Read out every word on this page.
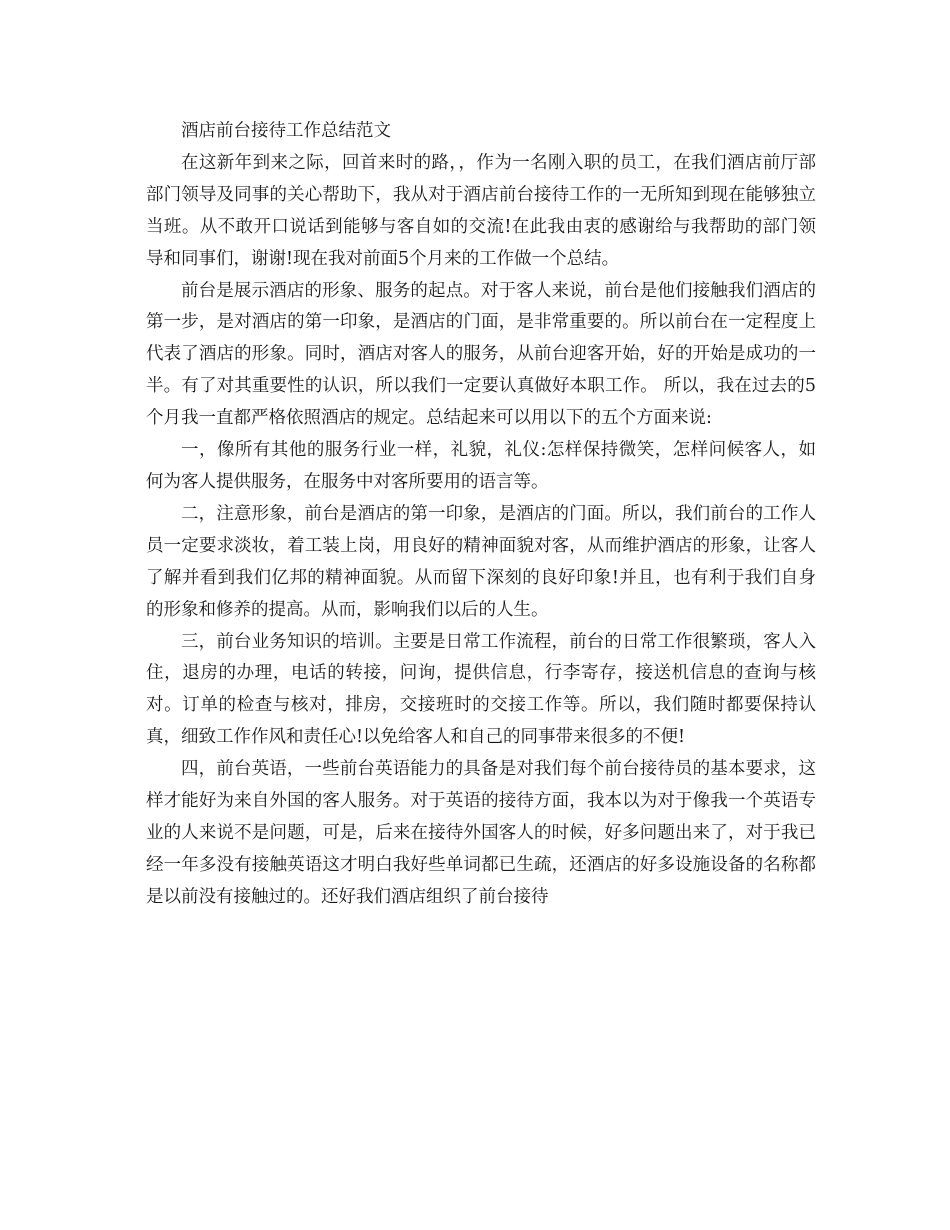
酒店前台接待工作总结范文

在这新年到来之际，回首来时的路，，作为一名刚入职的员工，在我们酒店前厅部部门领导及同事的关心帮助下，我从对于酒店前台接待工作的一无所知到现在能够独立当班。从不敢开口说话到能够与客自如的交流!在此我由衷的感谢给与我帮助的部门领导和同事们，谢谢!现在我对前面5个月来的工作做一个总结。

前台是展示酒店的形象、服务的起点。对于客人来说，前台是他们接触我们酒店的第一步，是对酒店的第一印象，是酒店的门面，是非常重要的。所以前台在一定程度上代表了酒店的形象。同时，酒店对客人的服务，从前台迎客开始，好的开始是成功的一半。有了对其重要性的认识，所以我们一定要认真做好本职工作。 所以，我在过去的5个月我一直都严格依照酒店的规定。总结起来可以用以下的五个方面来说:

一，像所有其他的服务行业一样，礼貌，礼仪:怎样保持微笑，怎样问候客人，如何为客人提供服务，在服务中对客所要用的语言等。

二，注意形象，前台是酒店的第一印象，是酒店的门面。所以，我们前台的工作人员一定要求淡妆，着工装上岗，用良好的精神面貌对客，从而维护酒店的形象，让客人了解并看到我们亿邦的精神面貌。从而留下深刻的良好印象!并且，也有利于我们自身的形象和修养的提高。从而，影响我们以后的人生。

三，前台业务知识的培训。主要是日常工作流程，前台的日常工作很繁琐，客人入住，退房的办理，电话的转接，问询，提供信息，行李寄存，接送机信息的查询与核对。订单的检查与核对，排房，交接班时的交接工作等。所以，我们随时都要保持认真，细致工作作风和责任心!以免给客人和自己的同事带来很多的不便!

四，前台英语，一些前台英语能力的具备是对我们每个前台接待员的基本要求，这样才能好为来自外国的客人服务。对于英语的接待方面，我本以为对于像我一个英语专业的人来说不是问题，可是，后来在接待外国客人的时候，好多问题出来了，对于我已经一年多没有接触英语这才明白我好些单词都已生疏，还酒店的好多设施设备的名称都是以前没有接触过的。还好我们酒店组织了前台接待
